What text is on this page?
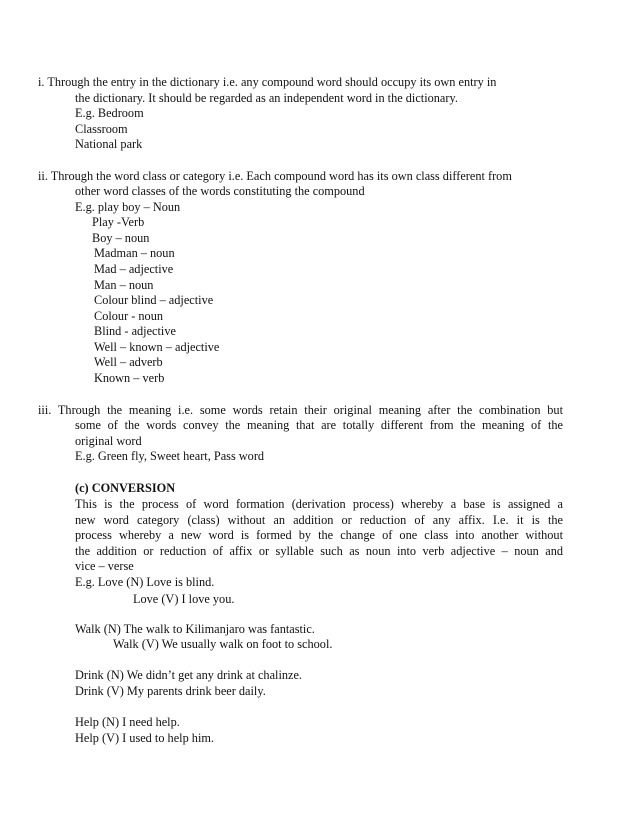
i. Through the entry in the dictionary i.e. any compound word should occupy its own entry in
the dictionary. It should be regarded as an independent word in the dictionary.
E.g. Bedroom
Classroom
National park
ii. Through the word class or category i.e. Each compound word has its own class different from
other word classes of the words constituting the compound
E.g. play boy – Noun
Play -Verb
Boy – noun
Madman – noun
Mad – adjective
Man – noun
Colour blind – adjective
Colour - noun
Blind - adjective
Well – known – adjective
Well – adverb
Known – verb
iii. Through the meaning i.e. some words retain their original meaning after the combination but
some of the words convey the meaning that are totally different from the meaning of the
original word
E.g. Green fly, Sweet heart, Pass word
(c) CONVERSION
This is the process of word formation (derivation process) whereby a base is assigned a
new word category (class) without an addition or reduction of any affix. I.e. it is the
process whereby a new word is formed by the change of one class into another without
the addition or reduction of affix or syllable such as noun into verb adjective – noun and
vice – verse
E.g. Love (N) Love is blind.
Love (V) I love you.
Walk (N) The walk to Kilimanjaro was fantastic.
Walk (V) We usually walk on foot to school.
Drink (N) We didn’t get any drink at chalinze.
Drink (V) My parents drink beer daily.
Help (N) I need help.
Help (V) I used to help him.
